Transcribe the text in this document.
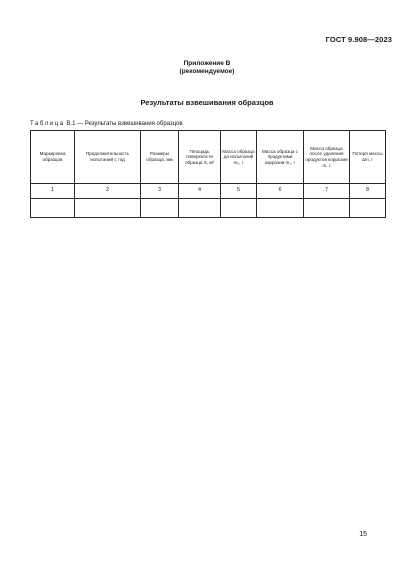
ГОСТ 9.908—2023
Приложение В
(рекомендуемое)
Результаты взвешивания образцов
Таблица В.1 — Результаты взвешивания образцов
Маркировка образцов	Продолжительность испытаний t, год	Размеры образца, мм	Площадь поверхности образца S, м²	Масса образца до испытаний m₀, г	Масса образца с продуктами коррозии m₁, г	Масса образца после удаления продуктов коррозии m, г	Потеря массы Δm, г
1	2	3	4	5	6	7	8

15
